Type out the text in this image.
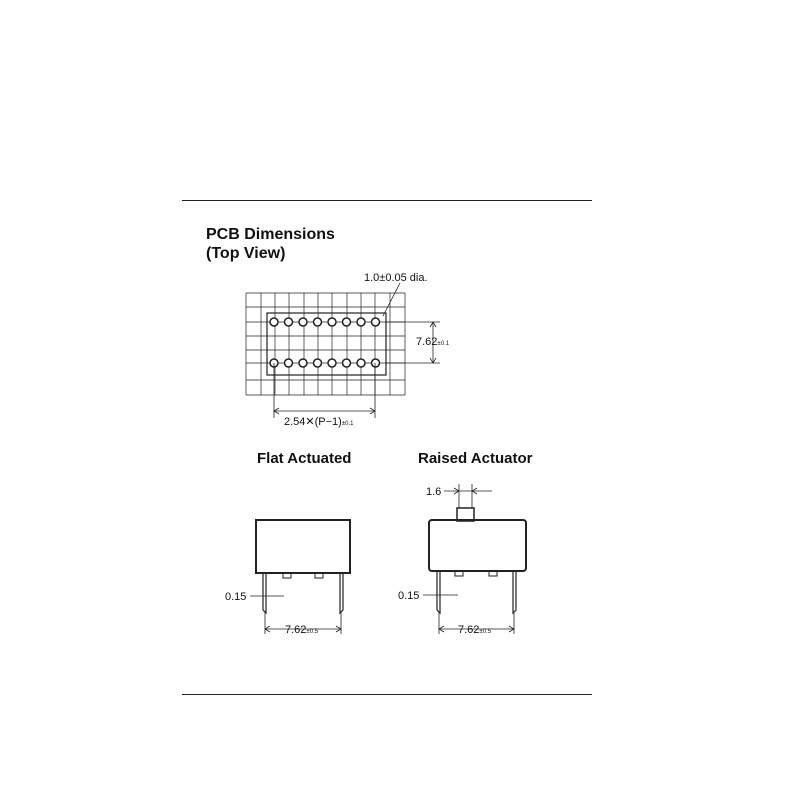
PCB Dimensions
(Top View)
Flat Actuated	Raised Actuator
1.0±0.05 dia.
7.62±0.1
2.54✕(P−1)±0.1
0.15
7.62±0.5
1.6
0.15
7.62±0.5
